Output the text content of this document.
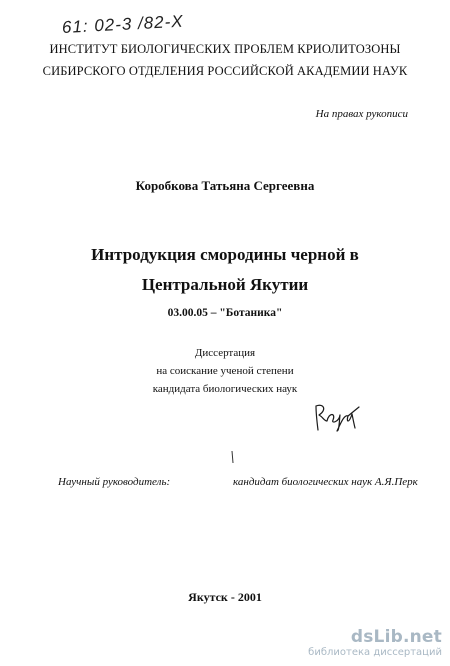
61: 02-3 /82-Х
ИНСТИТУТ БИОЛОГИЧЕСКИХ ПРОБЛЕМ КРИОЛИТОЗОНЫ
СИБИРСКОГО ОТДЕЛЕНИЯ РОССИЙСКОЙ АКАДЕМИИ НАУК
На правах рукописи
Коробкова Татьяна Сергеевна
Интродукция смородины черной в
Центральной Якутии
03.00.05 – "Ботаника"
Диссертация
на соискание ученой степени
кандидата биологических наук
Научный руководитель:	кандидат биологических наук А.Я.Перк
Якутск - 2001
dsLib.net
библиотека диссертаций
